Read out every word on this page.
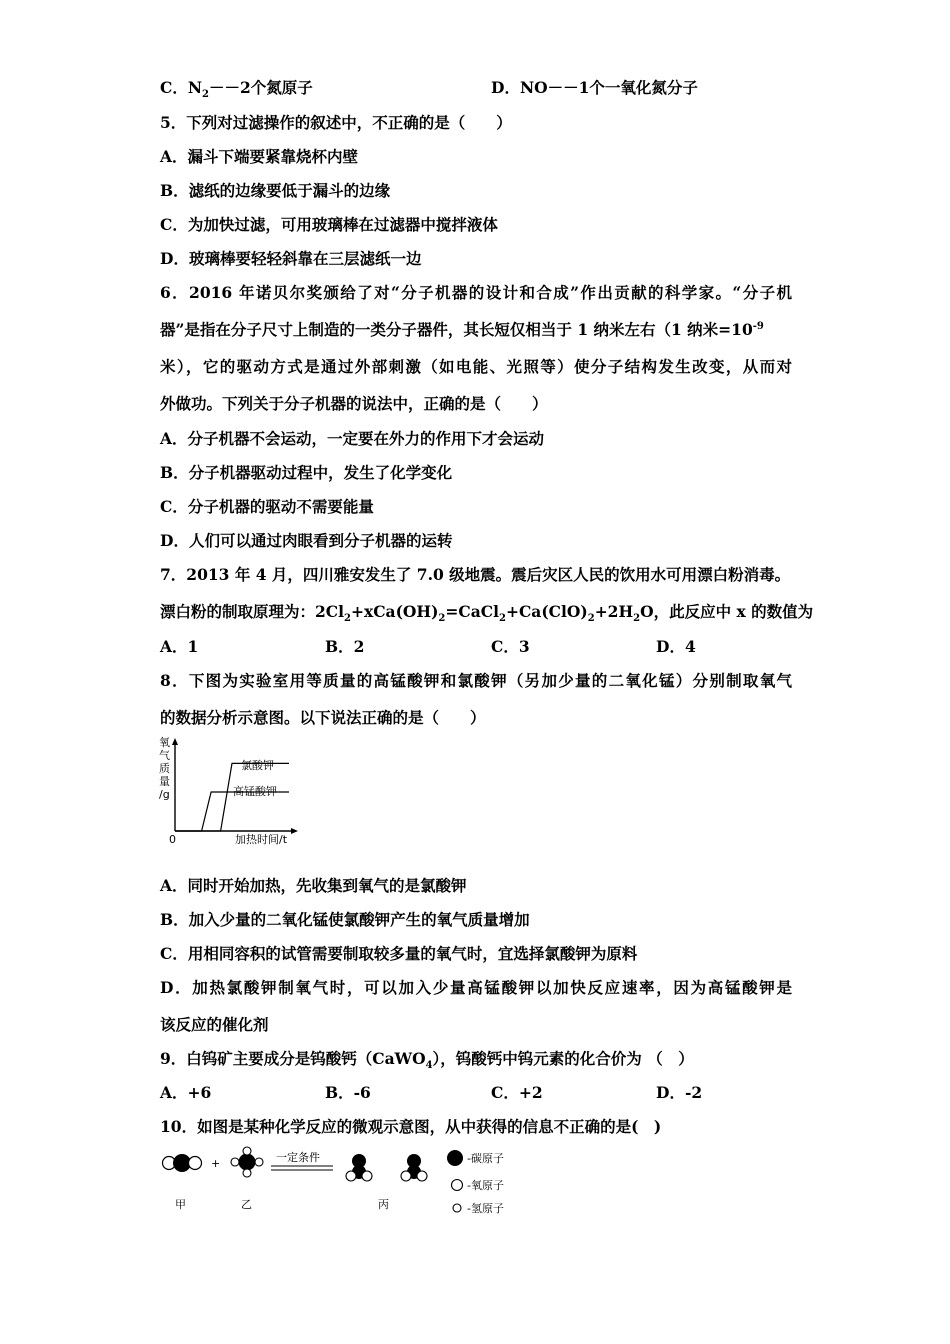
C．$N_2--2$个氮原子	D．NO－－1个一氧化氮分子
5．下列对过滤操作的叙述中，不正确的是（　　）
A．漏斗下端要紧靠烧杯内壁
B．滤纸的边缘要低于漏斗的边缘
C．为加快过滤，可用玻璃棒在过滤器中搅拌液体
D．玻璃棒要轻轻斜靠在三层滤纸一边
6．2016 年诺贝尔奖颁给了对“分子机器的设计和合成”作出贡献的科学家。“分子机
器”是指在分子尺寸上制造的一类分子器件，其长短仅相当于 1 纳米左右（1 纳米$=10^{-9}$
米），它的驱动方式是通过外部刺激（如电能、光照等）使分子结构发生改变，从而对
外做功。下列关于分子机器的说法中，正确的是（　　）
A．分子机器不会运动，一定要在外力的作用下才会运动
B．分子机器驱动过程中，发生了化学变化
C．分子机器的驱动不需要能量
D．人们可以通过肉眼看到分子机器的运转
7．2013 年 4 月，四川雅安发生了 7.0 级地震。震后灾区人民的饮用水可用漂白粉消毒。
漂白粉的制取原理为：$2Cl_2+xCa(OH)_2=CaCl_2+Ca(ClO)_2+2H_2O$，此反应中 x 的数值为
A．1	B．2	C．3	D．4
8．下图为实验室用等质量的高锰酸钾和氯酸钾（另加少量的二氧化锰）分别制取氧气
的数据分析示意图。以下说法正确的是（　　）
氧
气
质
量
/g
0	加热时间/t
氯酸钾
高锰酸钾
A．同时开始加热，先收集到氧气的是氯酸钾
B．加入少量的二氧化锰使氯酸钾产生的氧气质量增加
C．用相同容积的试管需要制取较多量的氧气时，宜选择氯酸钾为原料
D．加热氯酸钾制氧气时，可以加入少量高锰酸钾以加快反应速率，因为高锰酸钾是
该反应的催化剂
9．白钨矿主要成分是钨酸钙（CaWO$_4$），钨酸钙中钨元素的化合价为 （　）
A．+6	B．-6	C．+2	D．-2
10．如图是某种化学反应的微观示意图，从中获得的信息不正确的是(　)
+	一定条件
甲	乙	丙
-碳原子
-氧原子
-氢原子
